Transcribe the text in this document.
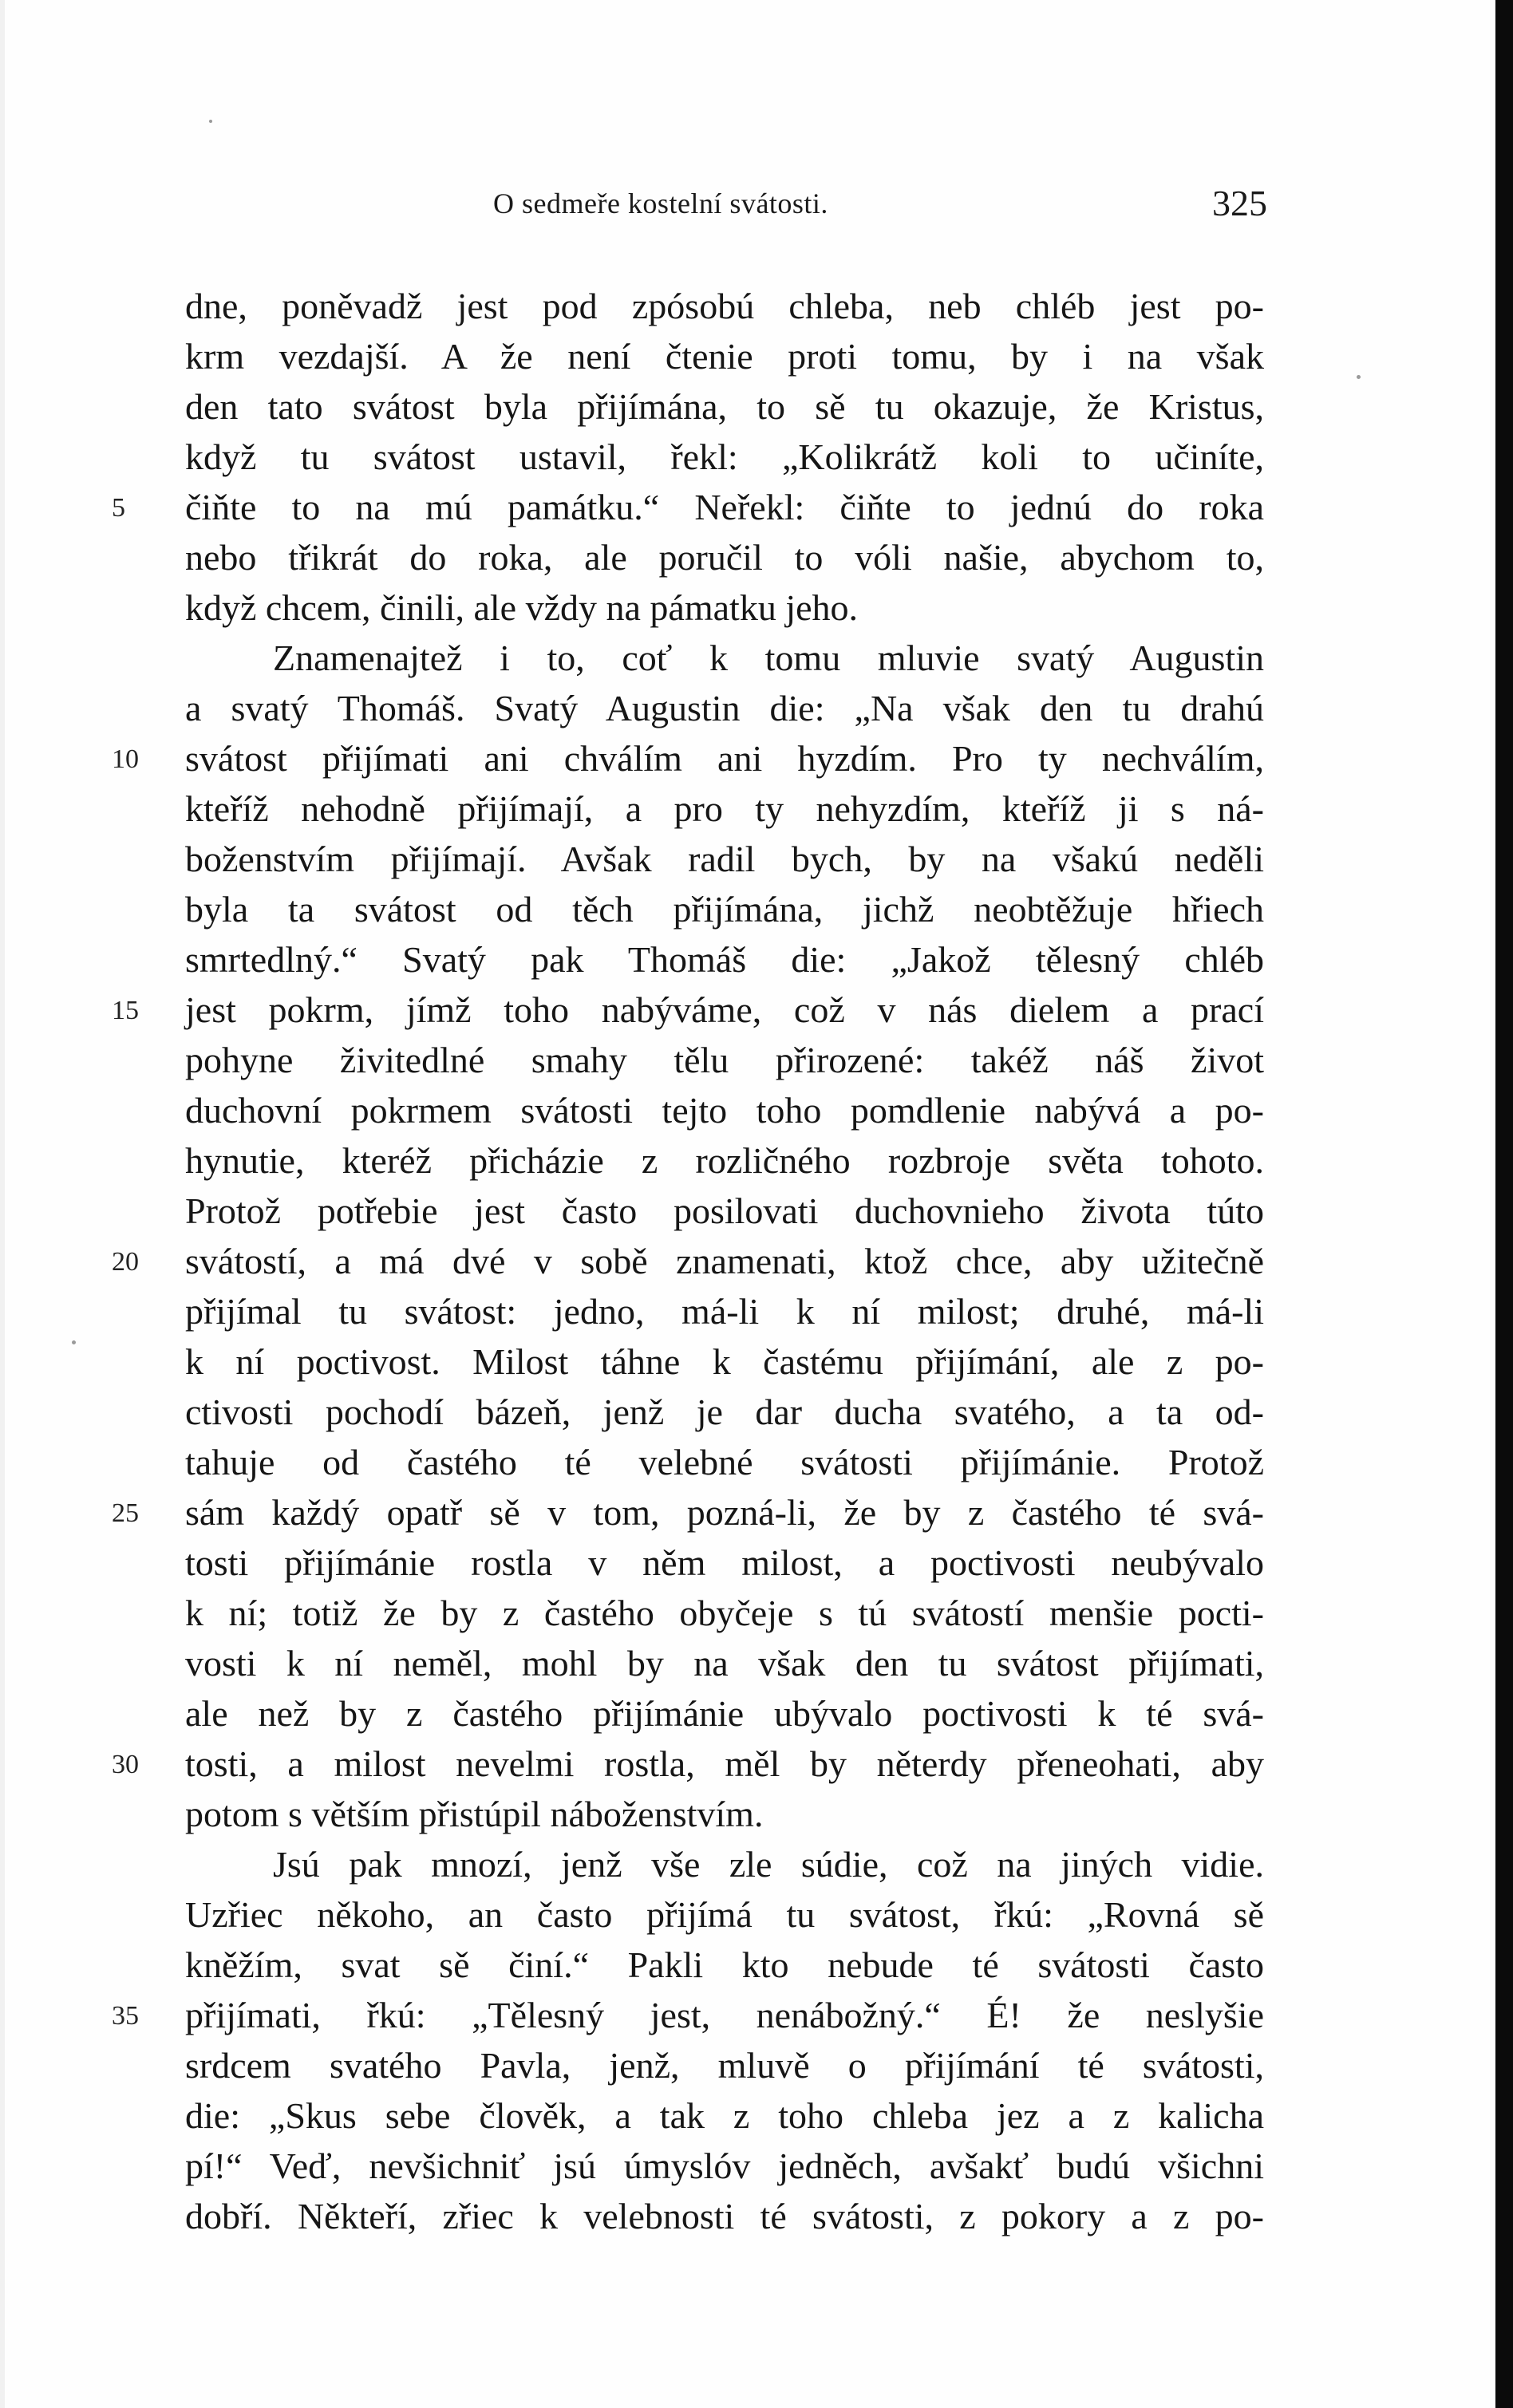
O sedmeře kostelní svátosti.	325
dne, poněvadž jest pod zpósobú chleba, neb chléb jest po-
krm vezdajší. A že není čtenie proti tomu, by i na však
den tato svátost byla přijímána, to sě tu okazuje, že Kristus,
když tu svátost ustavil, řekl: „Kolikrátž koli to učiníte,
5	čiňte to na mú památku.“ Neřekl: čiňte to jednú do roka
nebo třikrát do roka, ale poručil to vóli našie, abychom to,
když chcem, činili, ale vždy na pámatku jeho.
Znamenajtež i to, coť k tomu mluvie svatý Augustin
a svatý Thomáš. Svatý Augustin die: „Na však den tu drahú
10	svátost přijímati ani chválím ani hyzdím. Pro ty nechválím,
kteříž nehodně přijímají, a pro ty nehyzdím, kteříž ji s ná-
boženstvím přijímají. Avšak radil bych, by na všakú neděli
byla ta svátost od těch přijímána, jichž neobtěžuje hřiech
smrtedlný.“ Svatý pak Thomáš die: „Jakož tělesný chléb
15	jest pokrm, jímž toho nabýváme, což v nás dielem a prací
pohyne živitedlné smahy tělu přirozené: takéž náš život
duchovní pokrmem svátosti tejto toho pomdlenie nabývá a po-
hynutie, kteréž přicházie z rozličného rozbroje světa tohoto.
Protož potřebie jest často posilovati duchovnieho života túto
20	svátostí, a má dvé v sobě znamenati, ktož chce, aby užitečně
přijímal tu svátost: jedno, má-li k ní milost; druhé, má-li
k ní poctivost. Milost táhne k častému přijímání, ale z po-
ctivosti pochodí bázeň, jenž je dar ducha svatého, a ta od-
tahuje od častého té velebné svátosti přijímánie. Protož
25	sám každý opatř sě v tom, pozná-li, že by z častého té svá-
tosti přijímánie rostla v něm milost, a poctivosti neubývalo
k ní; totiž že by z častého obyčeje s tú svátostí menšie pocti-
vosti k ní neměl, mohl by na však den tu svátost přijímati,
ale než by z častého přijímánie ubývalo poctivosti k té svá-
30	tosti, a milost nevelmi rostla, měl by něterdy přeneohati, aby
potom s větším přistúpil náboženstvím.
Jsú pak mnozí, jenž vše zle súdie, což na jiných vidie.
Uzřiec někoho, an často přijímá tu svátost, řkú: „Rovná sě
kněžím, svat sě činí.“ Pakli kto nebude té svátosti často
35	přijímati, řkú: „Tělesný jest, nenábožný.“ É! že neslyšie
srdcem svatého Pavla, jenž, mluvě o přijímání té svátosti,
die: „Skus sebe člověk, a tak z toho chleba jez a z kalicha
pí!“ Veď, nevšichniť jsú úmyslóv jedněch, avšakť budú všichni
dobří. Někteří, zřiec k velebnosti té svátosti, z pokory a z po-
